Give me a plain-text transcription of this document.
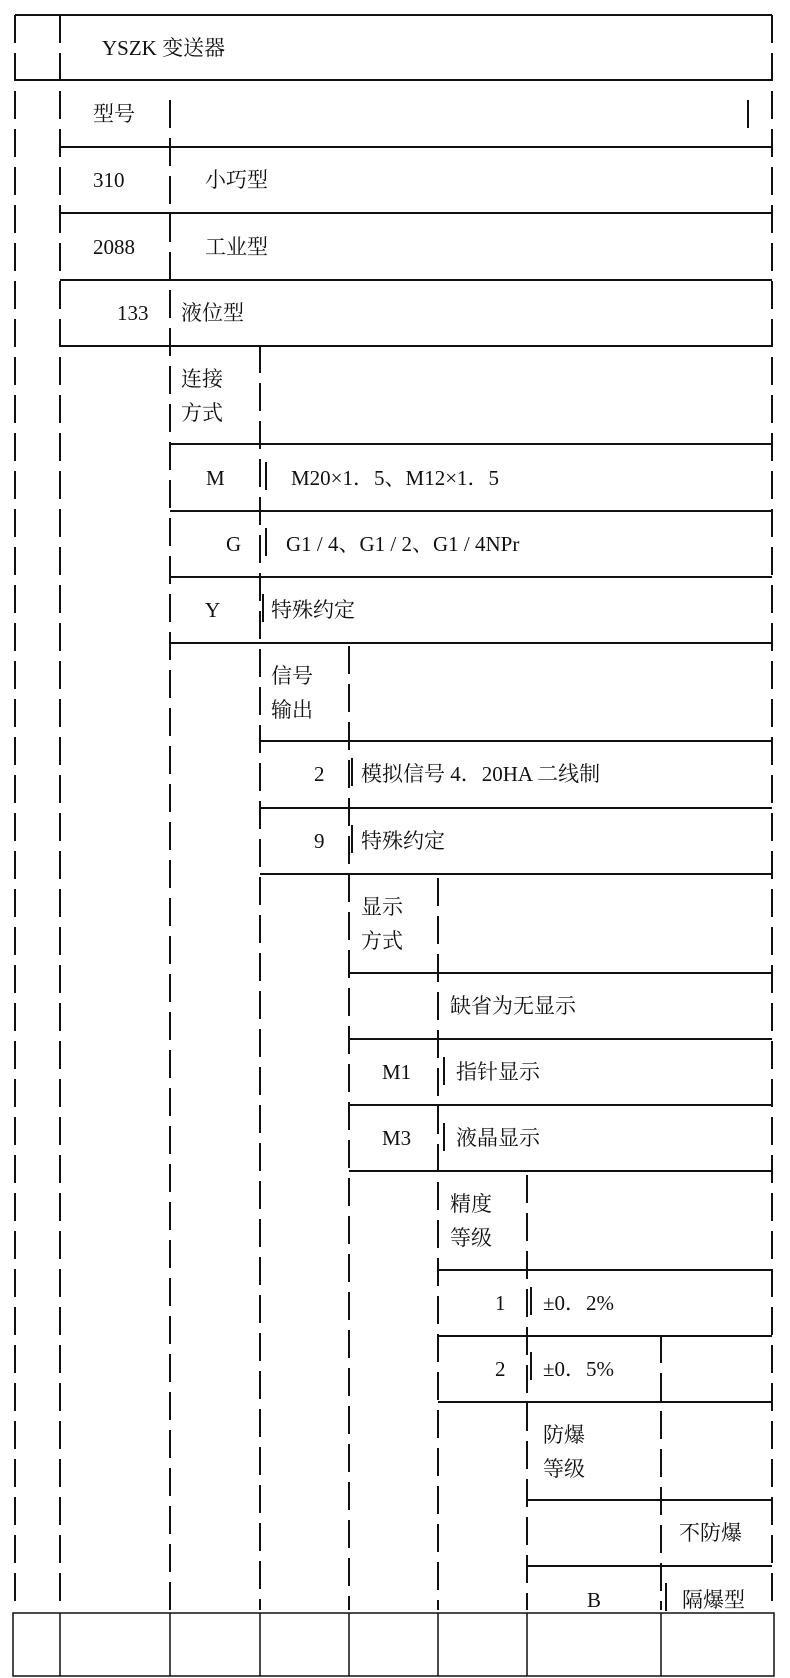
YSZK 变送器
型号
310	小巧型
2088	工业型
133 液位型
连接
方式
M	M20×1．5、M12×1．5
G G1 / 4、G1 / 2、G1 / 4NPr
Y 特殊约定
信号
输出
2 模拟信号 4．20HA 二线制
9 特殊约定
显示
方式
缺省为无显示
M1 指针显示
M3 液晶显示
精度
等级
1 ±0．2%
2 ±0．5%
防爆
等级
不防爆
B	隔爆型
